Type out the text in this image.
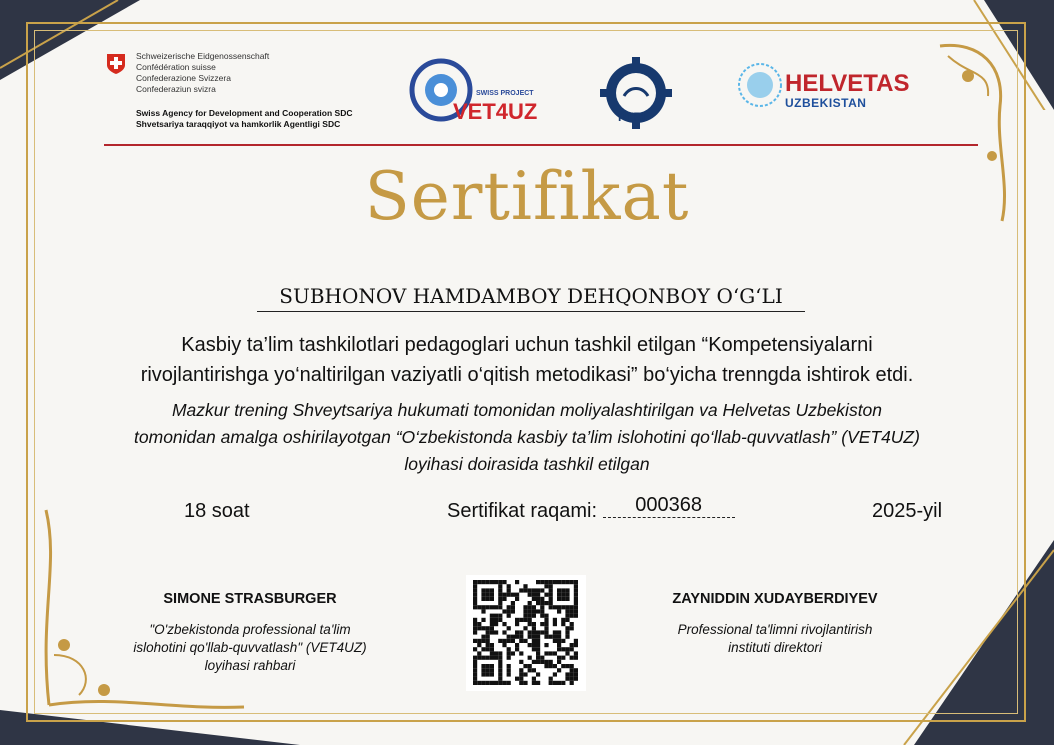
Schweizerische Eidgenossenschaft
Confédération suisse
Confederazione Svizzera
Confederaziun svizra
Swiss Agency for Development and Cooperation SDC
Shvetsariya taraqqiyot va hamkorlik Agentligi SDC
SWISS PROJECT
VET4UZ	PTRI
HELVETAS
UZBEKISTAN
Sertifikat
SUBHONOV HAMDAMBOY DEHQONBOY O‘G‘LI
Kasbiy ta’lim tashkilotlari pedagoglari uchun tashkil etilgan “Kompetensiyalarni
rivojlantirishga yo‘naltirilgan vaziyatli o‘qitish metodikasi” bo‘yicha trenngda ishtirok etdi.
Mazkur trening Shveytsariya hukumati tomonidan moliyalashtirilgan va Helvetas Uzbekiston
tomonidan amalga oshirilayotgan “O‘zbekistonda kasbiy ta’lim islohotini qo‘llab-quvvatlash” (VET4UZ)
loyihasi doirasida tashkil etilgan
18 soat	Sertifikat raqami: 000368	2025-yil
SIMONE STRASBURGER
"O'zbekistonda professional ta'lim
islohotini qo'llab-quvvatlash" (VET4UZ)
loyihasi rahbari
ZAYNIDDIN XUDAYBERDIYEV
Professional ta'limni rivojlantirish
instituti direktori
